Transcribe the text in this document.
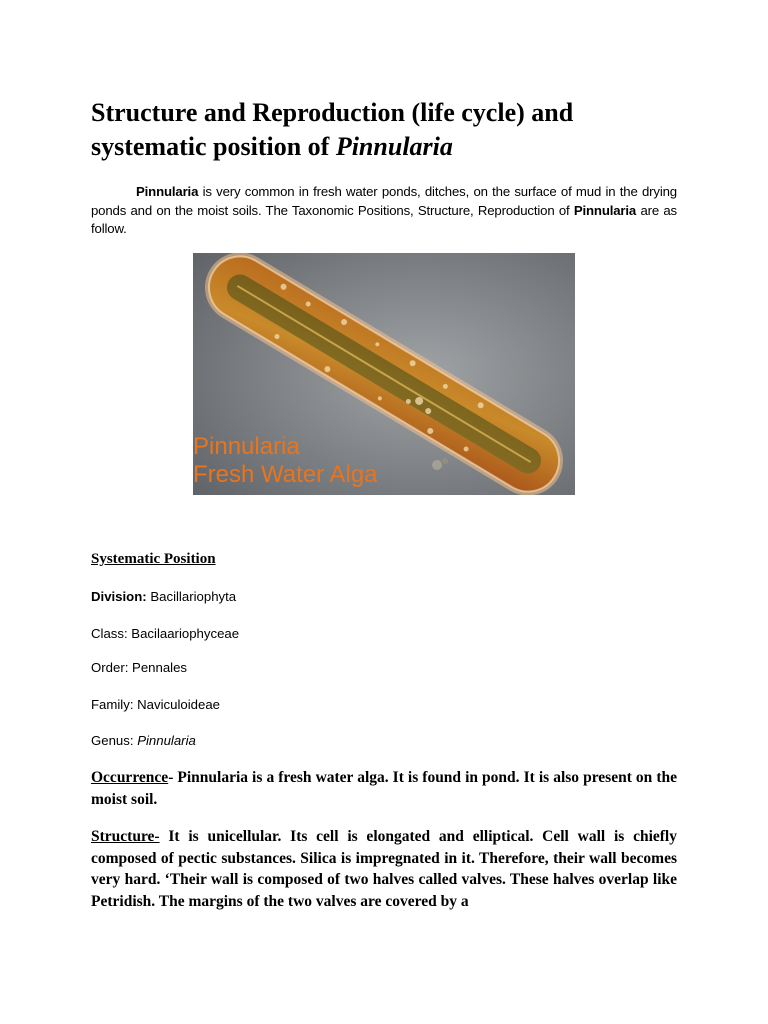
Structure and Reproduction (life cycle) and
systematic position of Pinnularia

Pinnularia is very common in fresh water ponds, ditches, on the surface of mud in the drying ponds and on the moist soils. The Taxonomic Positions, Structure, Reproduction of Pinnularia are as follow.

Pinnularia
Fresh Water Alga
Systematic Position

Division: Bacillariophyta

Class: Bacilaariophyceae

Order: Pennales

Family: Naviculoideae

Genus: Pinnularia

Occurrence- Pinnularia is a fresh water alga. It is found in pond. It is also present on the moist soil.

Structure- It is unicellular. Its cell is elongated and elliptical. Cell wall is chiefly composed of pectic substances. Silica is impregnated in it. Therefore, their wall becomes very hard. ‘Their wall is composed of two halves called valves. These halves overlap like Petridish. The margins of the two valves are covered by a
